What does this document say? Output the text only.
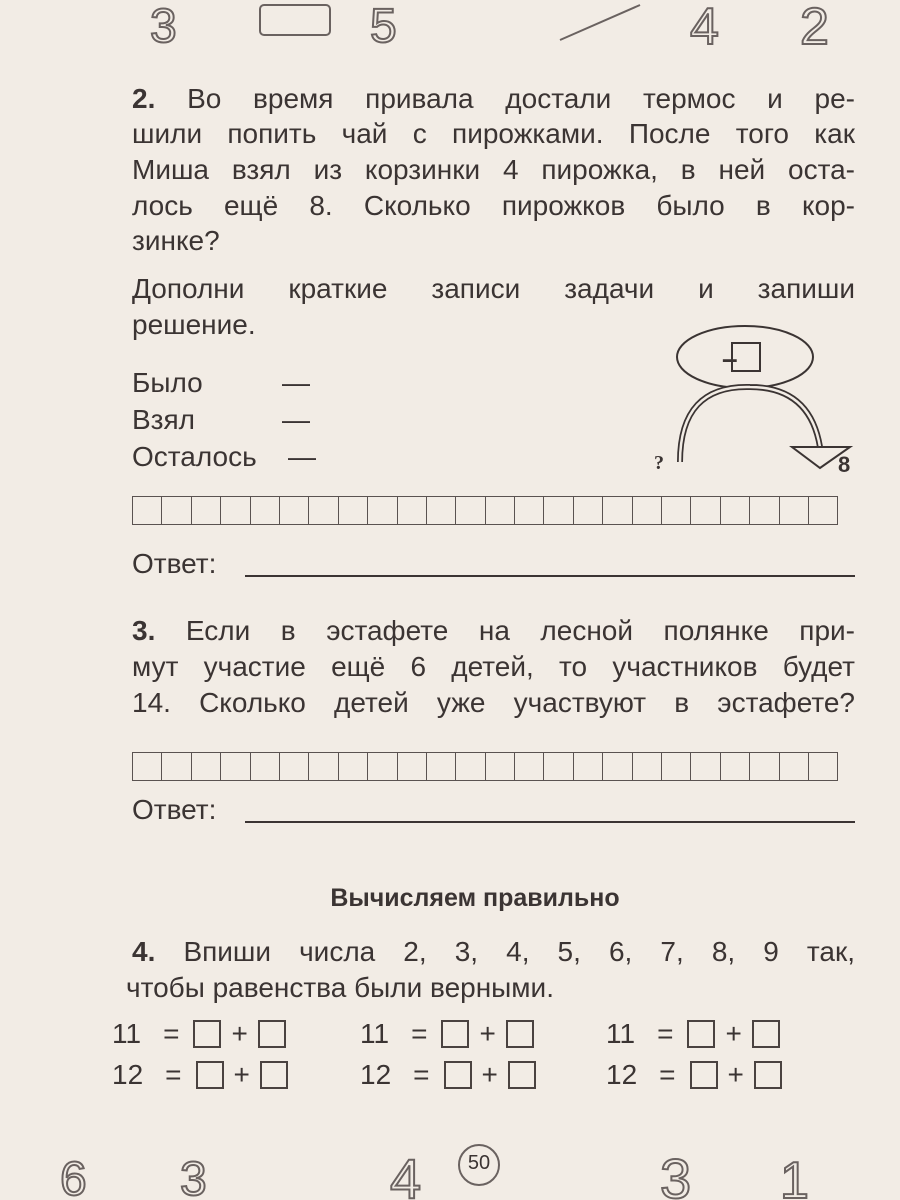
3	5	4 2
2. Во время привала достали термос и ре-
шили попить чай с пирожками. После того как
Миша взял из корзинки 4 пирожка, в ней оста-
лось ещё 8. Сколько пирожков было в кор-
зинке?
Дополни краткие записи задачи и запиши
решение.
Было	—
Взял	—
Осталось —
–
?	8
Ответ:
3. Если в эстафете на лесной полянке при-
мут участие ещё 6 детей, то участников будет
14. Сколько детей уже участвуют в эстафете?
Ответ:
Вычисляем правильно
4. Впиши числа 2, 3, 4, 5, 6, 7, 8, 9 так,
чтобы равенства были верными.
11 = +	11 = +	11 = +
12 = +	12 = +	12 = +
6 3	4	3 1
50
